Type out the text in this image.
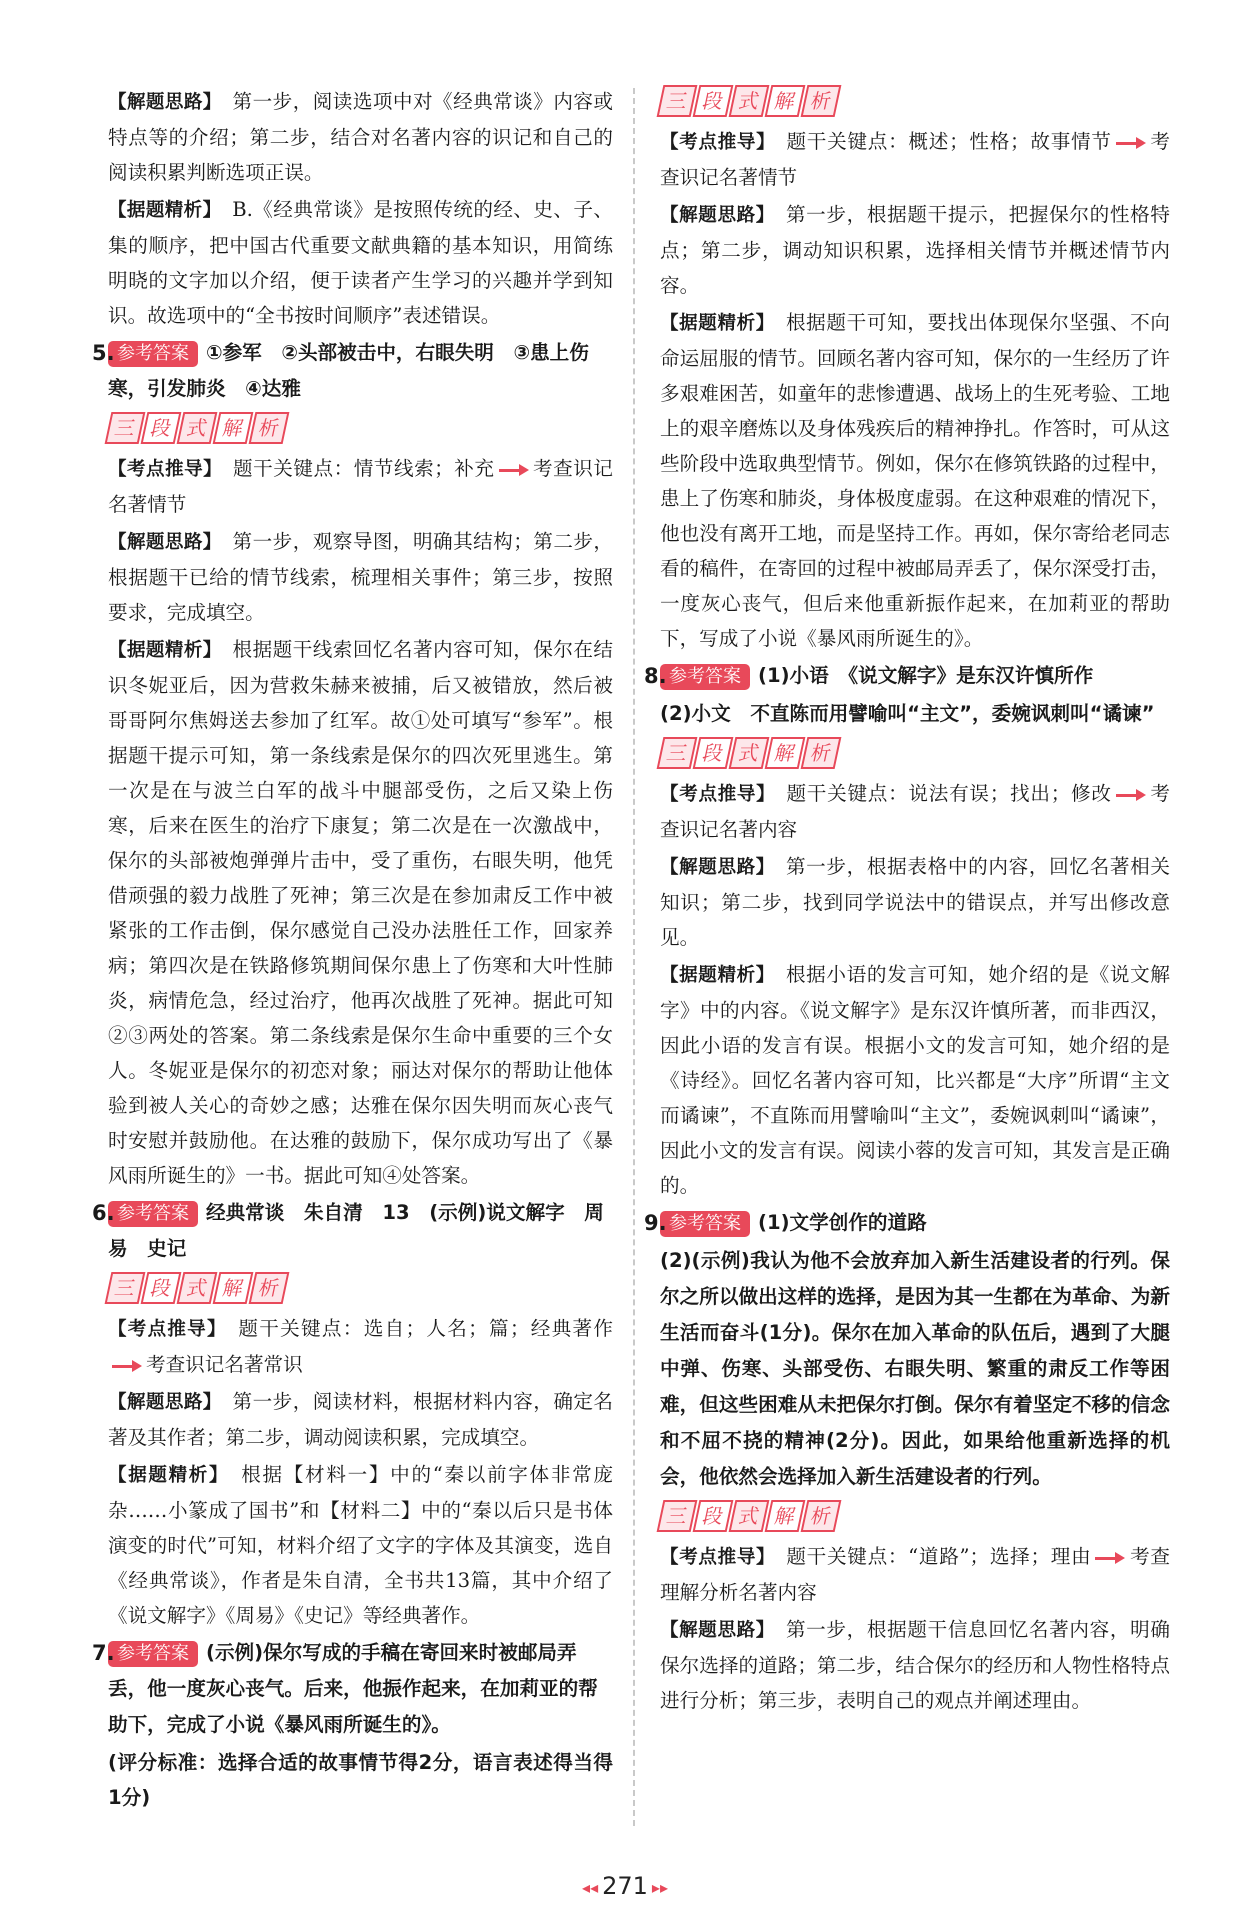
【解题思路】　 第一步，阅读选项中对《经典常谈》内容或特点等的介绍；第二步，结合对名著内容的识记和自己的阅读积累判断选项正误。

【据题精析】　 B.《经典常谈》是按照传统的经、史、子、集的顺序，把中国古代重要文献典籍的基本知识，用简练明晓的文字加以介绍，便于读者产生学习的兴趣并学到知识。故选项中的“全书按时间顺序”表述错误。

5. 参考答案 ①参军　②头部被击中，右眼失明　③患上伤寒，引发肺炎　④达雅
三 段 式 解 析

【考点推导】　 题干关键点：情节线索；补充 考查识记名著情节

【解题思路】　 第一步，观察导图，明确其结构；第二步，根据题干已给的情节线索，梳理相关事件；第三步，按照要求，完成填空。

【据题精析】　 根据题干线索回忆名著内容可知，保尔在结识冬妮亚后，因为营救朱赫来被捕，后又被错放，然后被哥哥阿尔焦姆送去参加了红军。故①处可填写“参军”。根据题干提示可知，第一条线索是保尔的四次死里逃生。第一次是在与波兰白军的战斗中腿部受伤，之后又染上伤寒，后来在医生的治疗下康复；第二次是在一次激战中，保尔的头部被炮弹弹片击中，受了重伤，右眼失明，他凭借顽强的毅力战胜了死神；第三次是在参加肃反工作中被紧张的工作击倒，保尔感觉自己没办法胜任工作，回家养病；第四次是在铁路修筑期间保尔患上了伤寒和大叶性肺炎，病情危急，经过治疗，他再次战胜了死神。据此可知②③两处的答案。第二条线索是保尔生命中重要的三个女人。冬妮亚是保尔的初恋对象；丽达对保尔的帮助让他体验到被人关心的奇妙之感；达雅在保尔因失明而灰心丧气时安慰并鼓励他。在达雅的鼓励下，保尔成功写出了《暴风雨所诞生的》一书。据此可知④处答案。

6. 参考答案 经典常谈　朱自清　13　(示例)说文解字　周易　史记
三 段 式 解 析

【考点推导】　 题干关键点：选自；人名；篇；经典著作考查识记名著常识

【解题思路】　 第一步，阅读材料，根据材料内容，确定名著及其作者；第二步，调动阅读积累，完成填空。

【据题精析】　 根据【材料一】中的“秦以前字体非常庞杂……小篆成了国书”和【材料二】中的“秦以后只是书体演变的时代”可知，材料介绍了文字的字体及其演变，选自《经典常谈》，作者是朱自清，全书共13篇，其中介绍了《说文解字》《周易》《史记》等经典著作。

7. 参考答案 (示例)保尔写成的手稿在寄回来时被邮局弄丢，他一度灰心丧气。后来，他振作起来，在加莉亚的帮助下，完成了小说《暴风雨所诞生的》。

(评分标准：选择合适的故事情节得2分，语言表述得当得1分)

三 段 式 解 析

【考点推导】　 题干关键点：概述；性格；故事情节 考查识记名著情节

【解题思路】　 第一步，根据题干提示，把握保尔的性格特点；第二步，调动知识积累，选择相关情节并概述情节内容。

【据题精析】　 根据题干可知，要找出体现保尔坚强、不向命运屈服的情节。回顾名著内容可知，保尔的一生经历了许多艰难困苦，如童年的悲惨遭遇、战场上的生死考验、工地上的艰辛磨炼以及身体残疾后的精神挣扎。作答时，可从这些阶段中选取典型情节。例如，保尔在修筑铁路的过程中，患上了伤寒和肺炎，身体极度虚弱。在这种艰难的情况下，他也没有离开工地，而是坚持工作。再如，保尔寄给老同志看的稿件，在寄回的过程中被邮局弄丢了，保尔深受打击，一度灰心丧气，但后来他重新振作起来，在加莉亚的帮助下，写成了小说《暴风雨所诞生的》。

8. 参考答案 (1)小语　《说文解字》是东汉许慎所作

(2)小文　不直陈而用譬喻叫“主文”，委婉讽刺叫“谲谏”

三 段 式 解 析

【考点推导】　 题干关键点：说法有误；找出；修改 考查识记名著内容

【解题思路】　 第一步，根据表格中的内容，回忆名著相关知识；第二步，找到同学说法中的错误点，并写出修改意见。

【据题精析】　 根据小语的发言可知，她介绍的是《说文解字》中的内容。《说文解字》是东汉许慎所著，而非西汉，因此小语的发言有误。根据小文的发言可知，她介绍的是《诗经》。回忆名著内容可知，比兴都是“大序”所谓“主文而谲谏”，不直陈而用譬喻叫“主文”，委婉讽刺叫“谲谏”，因此小文的发言有误。阅读小蓉的发言可知，其发言是正确的。

9. 参考答案 (1)文学创作的道路

(2)(示例)我认为他不会放弃加入新生活建设者的行列。保尔之所以做出这样的选择，是因为其一生都在为革命、为新生活而奋斗(1分)。保尔在加入革命的队伍后，遇到了大腿中弹、伤寒、头部受伤、右眼失明、繁重的肃反工作等困难，但这些困难从未把保尔打倒。保尔有着坚定不移的信念和不屈不挠的精神(2分)。因此，如果给他重新选择的机会，他依然会选择加入新生活建设者的行列。

三 段 式 解 析

【考点推导】　 题干关键点：“道路”；选择；理由 考查理解分析名著内容

【解题思路】　 第一步，根据题干信息回忆名著内容，明确保尔选择的道路；第二步，结合保尔的经历和人物性格特点进行分析；第三步，表明自己的观点并阐述理由。

◂◂ 271 ▸▸
